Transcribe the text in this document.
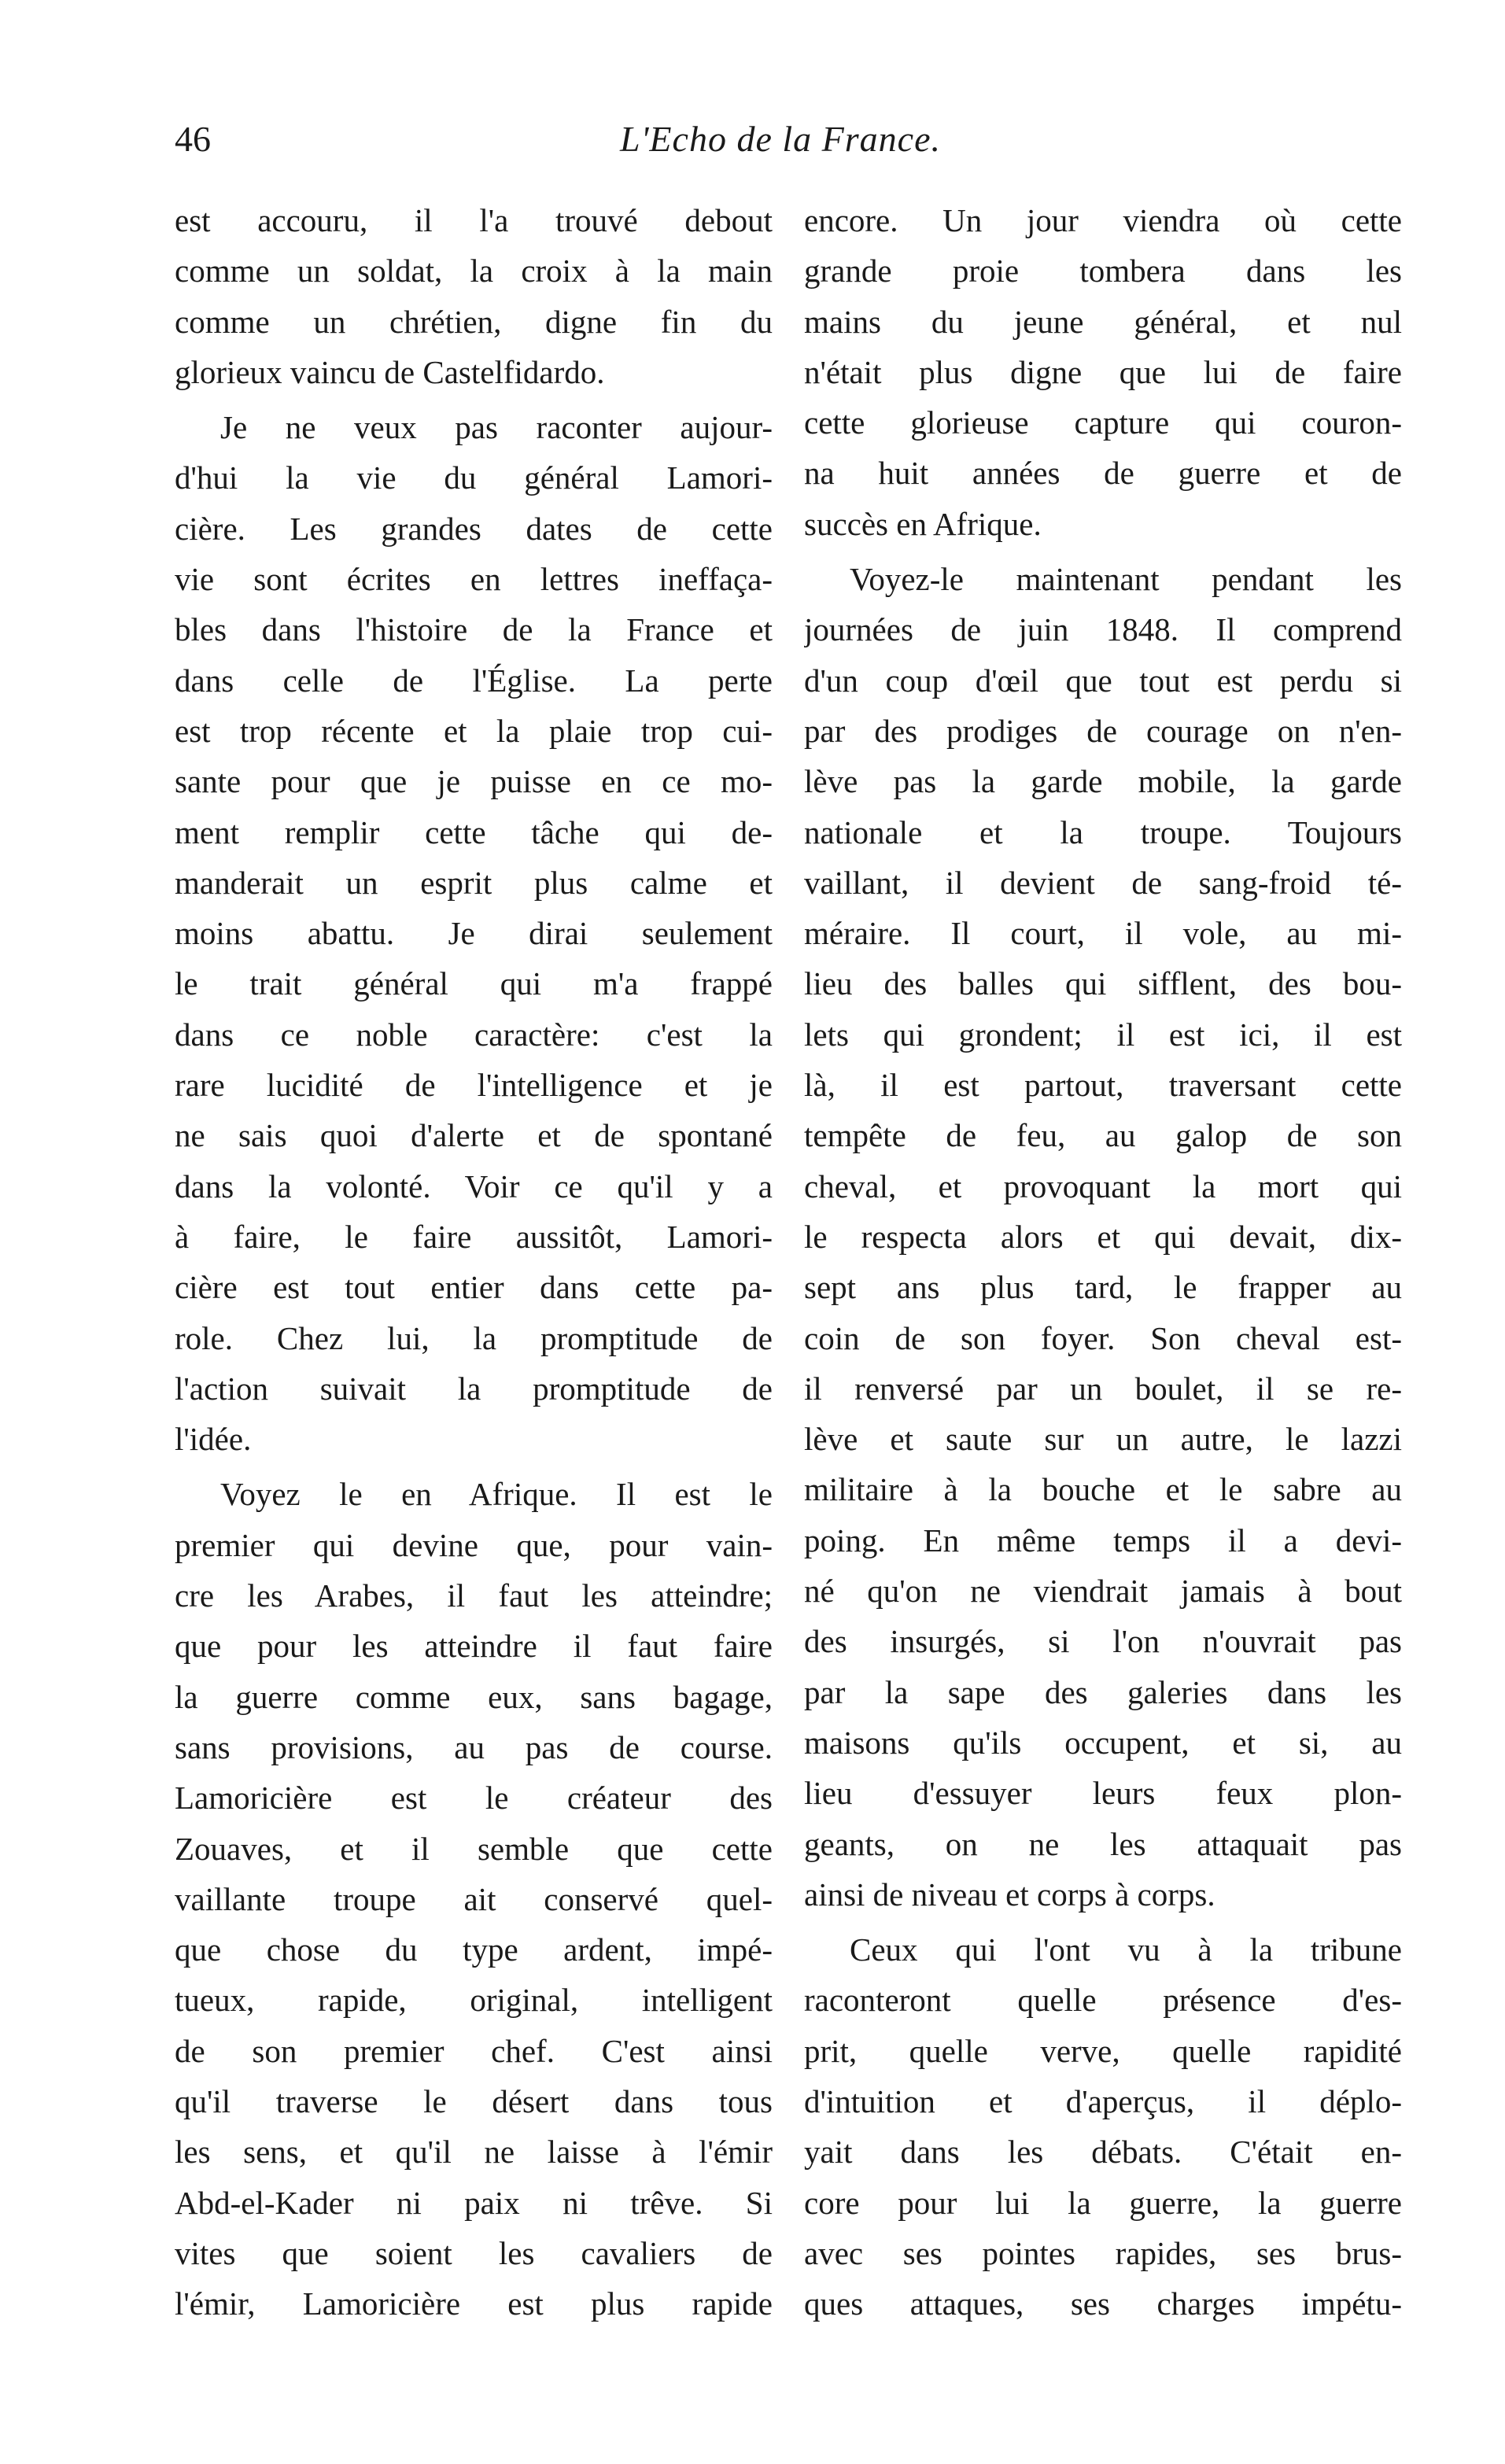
46	L'Echo de la France.
est accouru, il l'a trouvé debout
comme un soldat, la croix à la main
comme un chrétien, digne fin du
glorieux vaincu de Castelfidardo.
Je ne veux pas raconter aujour-
d'hui la vie du général Lamori-
cière. Les grandes dates de cette
vie sont écrites en lettres ineffaça-
bles dans l'histoire de la France et
dans celle de l'Église. La perte
est trop récente et la plaie trop cui-
sante pour que je puisse en ce mo-
ment remplir cette tâche qui de-
manderait un esprit plus calme et
moins abattu. Je dirai seulement
le trait général qui m'a frappé
dans ce noble caractère: c'est la
rare lucidité de l'intelligence et je
ne sais quoi d'alerte et de spontané
dans la volonté. Voir ce qu'il y a
à faire, le faire aussitôt, Lamori-
cière est tout entier dans cette pa-
role. Chez lui, la promptitude de
l'action suivait la promptitude de
l'idée.
Voyez le en Afrique. Il est le
premier qui devine que, pour vain-
cre les Arabes, il faut les atteindre;
que pour les atteindre il faut faire
la guerre comme eux, sans bagage,
sans provisions, au pas de course.
Lamoricière est le créateur des
Zouaves, et il semble que cette
vaillante troupe ait conservé quel-
que chose du type ardent, impé-
tueux, rapide, original, intelligent
de son premier chef. C'est ainsi
qu'il traverse le désert dans tous
les sens, et qu'il ne laisse à l'émir
Abd-el-Kader ni paix ni trêve. Si
vites que soient les cavaliers de
l'émir, Lamoricière est plus rapide
encore. Un jour viendra où cette
grande proie tombera dans les
mains du jeune général, et nul
n'était plus digne que lui de faire
cette glorieuse capture qui couron-
na huit années de guerre et de
succès en Afrique.
Voyez-le maintenant pendant les
journées de juin 1848. Il comprend
d'un coup d'œil que tout est perdu si
par des prodiges de courage on n'en-
lève pas la garde mobile, la garde
nationale et la troupe. Toujours
vaillant, il devient de sang-froid té-
méraire. Il court, il vole, au mi-
lieu des balles qui sifflent, des bou-
lets qui grondent; il est ici, il est
là, il est partout, traversant cette
tempête de feu, au galop de son
cheval, et provoquant la mort qui
le respecta alors et qui devait, dix-
sept ans plus tard, le frapper au
coin de son foyer. Son cheval est-
il renversé par un boulet, il se re-
lève et saute sur un autre, le lazzi
militaire à la bouche et le sabre au
poing. En même temps il a devi-
né qu'on ne viendrait jamais à bout
des insurgés, si l'on n'ouvrait pas
par la sape des galeries dans les
maisons qu'ils occupent, et si, au
lieu d'essuyer leurs feux plon-
geants, on ne les attaquait pas
ainsi de niveau et corps à corps.
Ceux qui l'ont vu à la tribune
raconteront quelle présence d'es-
prit, quelle verve, quelle rapidité
d'intuition et d'aperçus, il déplo-
yait dans les débats. C'était en-
core pour lui la guerre, la guerre
avec ses pointes rapides, ses brus-
ques attaques, ses charges impétu-
